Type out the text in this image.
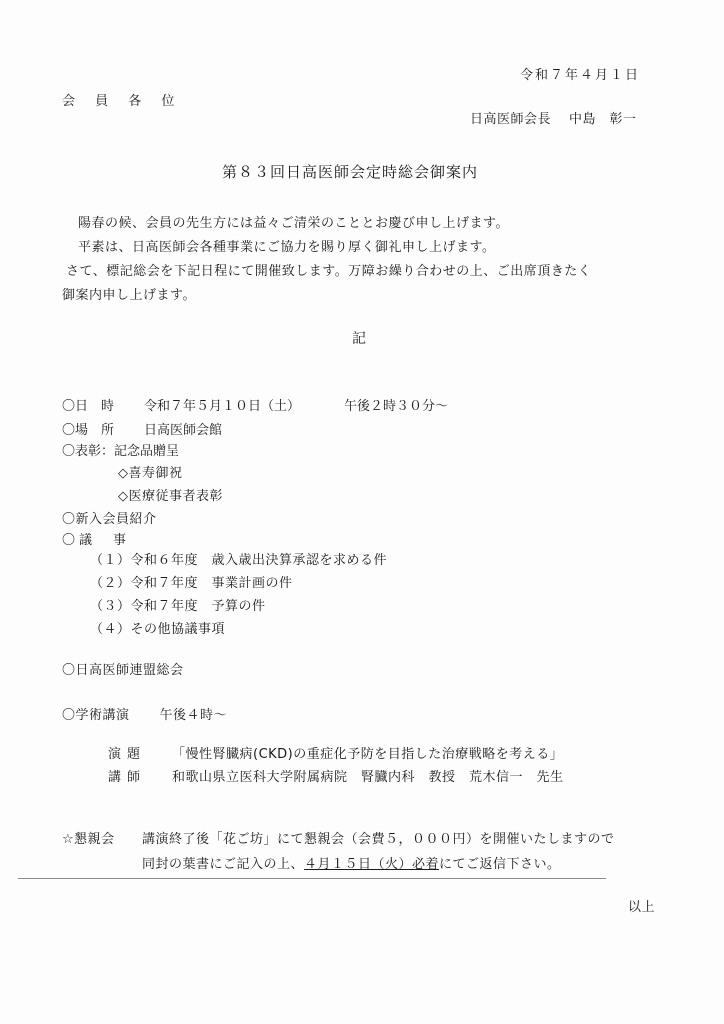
令和７年４月１日
会 員 各 位
日高医師会長 中島　彰一
第８３回日高医師会定時総会御案内
陽春の候、会員の先生方には益々ご清栄のこととお慶び申し上げます。
平素は、日高医師会各種事業にご協力を賜り厚く御礼申し上げます。
さて、標記総会を下記日程にて開催致します。万障お繰り合わせの上、ご出席頂きたく
御案内申し上げます。
記
〇日　時 令和７年５月１０日（土）	午後２時３０分～
〇場　所 日高医師会館
〇表彰：記念品贈呈
◇喜寿御祝
◇医療従事者表彰
〇新入会員紹介
〇議　事
（１）令和６年度　歳入歳出決算承認を求める件
（２）令和７年度　事業計画の件
（３）令和７年度　予算の件
（４）その他協議事項
〇日高医師連盟総会
〇学術講演 午後４時～
演題 「慢性腎臓病(CKD)の重症化予防を目指した治療戦略を考える」
講師 和歌山県立医科大学附属病院　腎臓内科　教授　荒木信一　先生
☆懇親会 講演終了後「花ご坊」にて懇親会（会費５，０００円）を開催いたしますので
同封の葉書にご記入の上、４月１５日（火）必着にてご返信下さい。
以上
